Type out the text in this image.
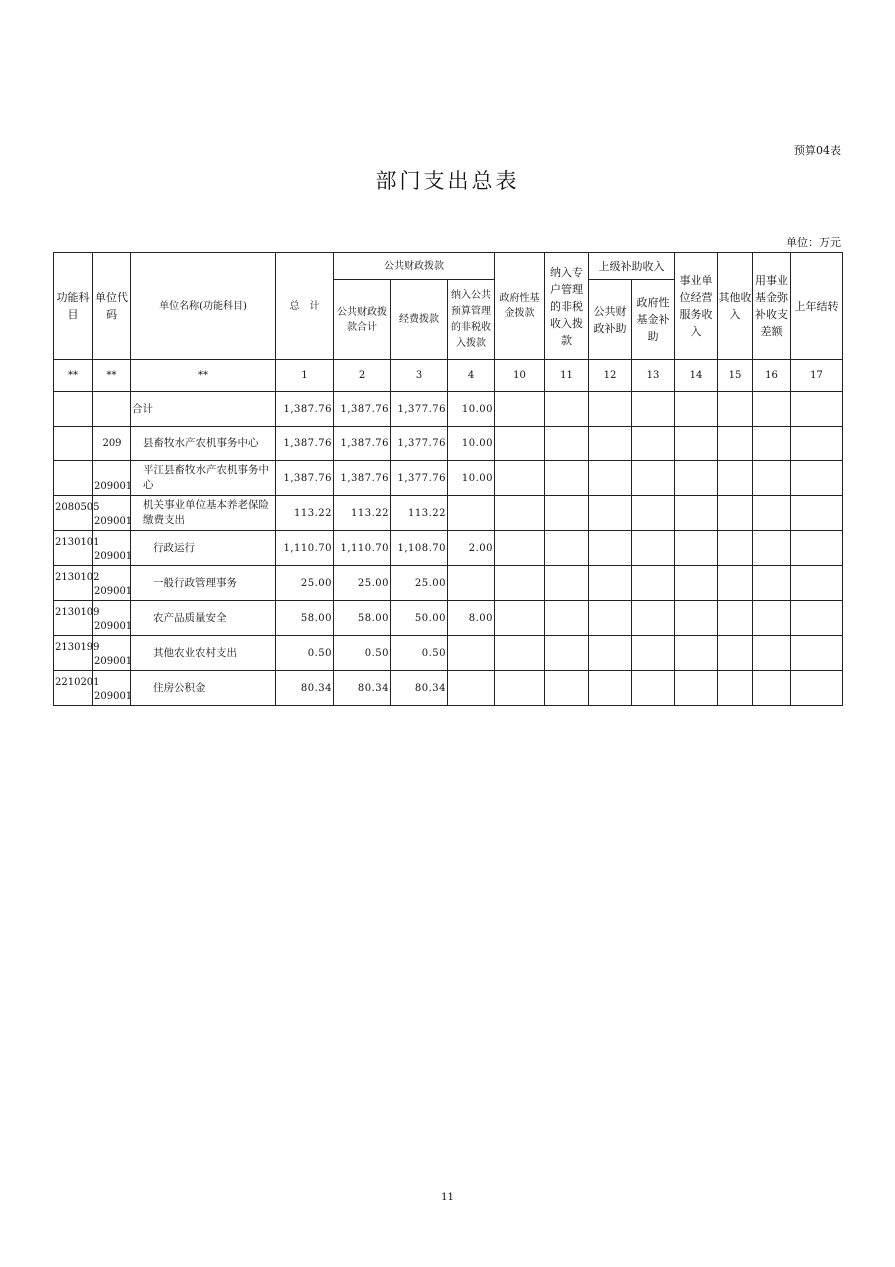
预算04表
部门支出总表
单位：万元
功能科目	单位代码	单位名称(功能科目)	总　计	公共财政拨款			政府性基金拨款	纳入专户管理的非税收入拨款	上级补助收入		事业单位经营服务收入	其他收入	用事业基金弥补收支差额	上年结转
				公共财政拨款合计	经费拨款	纳入公共预算管理的非税收入拨款			公共财政补助	政府性基金补助				
**	**	**	1	2	3	4	10	11	12	13	14	15	16	17
		合计	1,387.76	1,387.76	1,377.76	10.00								
	209	县畜牧水产农机事务中心	1,387.76	1,387.76	1,377.76	10.00								
	209001	平江县畜牧水产农机事务中心	1,387.76	1,387.76	1,377.76	10.00								
2080505	209001	机关事业单位基本养老保险缴费支出	113.22	113.22	113.22									
2130101	209001	行政运行	1,110.70	1,110.70	1,108.70	2.00								
2130102	209001	一般行政管理事务	25.00	25.00	25.00									
2130109	209001	农产品质量安全	58.00	58.00	50.00	8.00								
2130199	209001	其他农业农村支出	0.50	0.50	0.50									
2210201	209001	住房公积金	80.34	80.34	80.34									
11
